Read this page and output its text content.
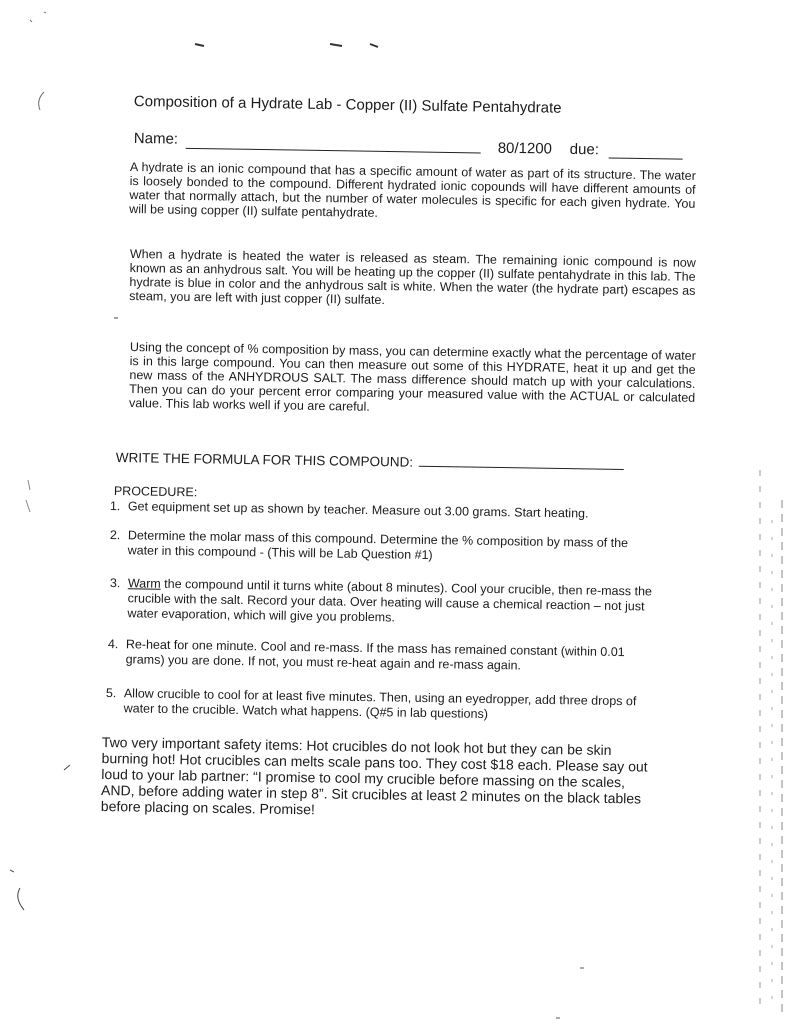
Composition of a Hydrate Lab - Copper (II) Sulfate Pentahydrate
Name:
80/1200 due:
A hydrate is an ionic compound that has a specific amount of water as part of its structure. The water is loosely bonded to the compound. Different hydrated ionic copounds will have different amounts of water that normally attach, but the number of water molecules is specific for each given hydrate. You will be using copper (II) sulfate pentahydrate.
When a hydrate is heated the water is released as steam. The remaining ionic compound is now known as an anhydrous salt. You will be heating up the copper (II) sulfate pentahydrate in this lab. The hydrate is blue in color and the anhydrous salt is white. When the water (the hydrate part) escapes as steam, you are left with just copper (II) sulfate.
Using the concept of % composition by mass, you can determine exactly what the percentage of water is in this large compound. You can then measure out some of this HYDRATE, heat it up and get the new mass of the ANHYDROUS SALT. The mass difference should match up with your calculations. Then you can do your percent error comparing your measured value with the ACTUAL or calculated value. This lab works well if you are careful.
WRITE THE FORMULA FOR THIS COMPOUND:
PROCEDURE:
1. Get equipment set up as shown by teacher. Measure out 3.00 grams. Start heating.
2. Determine the molar mass of this compound. Determine the % composition by mass of the water in this compound - (This will be Lab Question #1)
3. Warm the compound until it turns white (about 8 minutes). Cool your crucible, then re-mass the crucible with the salt. Record your data. Over heating will cause a chemical reaction – not just water evaporation, which will give you problems.
4. Re-heat for one minute. Cool and re-mass. If the mass has remained constant (within 0.01 grams) you are done. If not, you must re-heat again and re-mass again.
5. Allow crucible to cool for at least five minutes. Then, using an eyedropper, add three drops of water to the crucible. Watch what happens. (Q#5 in lab questions)
Two very important safety items: Hot crucibles do not look hot but they can be skin burning hot! Hot crucibles can melts scale pans too. They cost $18 each. Please say out loud to your lab partner: “I promise to cool my crucible before massing on the scales, AND, before adding water in step 8”. Sit crucibles at least 2 minutes on the black tables before placing on scales. Promise!
